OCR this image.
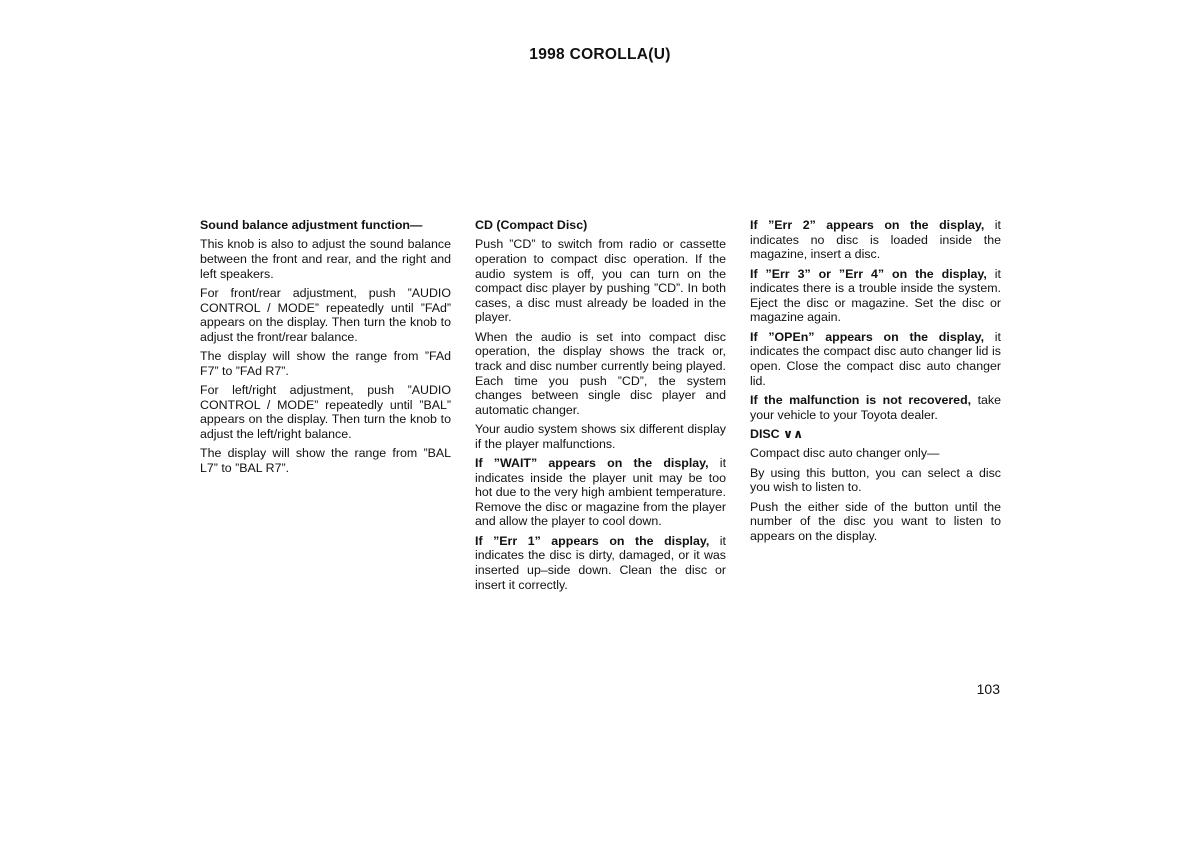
1998 COROLLA(U)

Sound balance adjustment function—

This knob is also to adjust the sound balance between the front and rear, and the right and left speakers.

For front/rear adjustment, push ”AUDIO CONTROL / MODE” repeatedly until ”FAd” appears on the display. Then turn the knob to adjust the front/rear balance.

The display will show the range from ”FAd F7” to ”FAd R7”.

For left/right adjustment, push ”AUDIO CONTROL / MODE” repeatedly until ”BAL” appears on the display. Then turn the knob to adjust the left/right balance.

The display will show the range from ”BAL L7” to ”BAL R7”.

CD (Compact Disc)

Push ”CD” to switch from radio or cassette operation to compact disc operation. If the audio system is off, you can turn on the compact disc player by pushing ”CD”. In both cases, a disc must already be loaded in the player.

When the audio is set into compact disc operation, the display shows the track or, track and disc number currently being played. Each time you push ”CD”, the system changes between single disc player and automatic changer.

Your audio system shows six different display if the player malfunctions.

If ”WAIT” appears on the display, it indicates inside the player unit may be too hot due to the very high ambient temperature. Remove the disc or magazine from the player and allow the player to cool down.

If ”Err 1” appears on the display, it indicates the disc is dirty, damaged, or it was inserted up–side down. Clean the disc or insert it correctly.

If ”Err 2” appears on the display, it indicates no disc is loaded inside the magazine, insert a disc.

If ”Err 3” or ”Err 4” on the display, it indicates there is a trouble inside the system. Eject the disc or magazine. Set the disc or magazine again.

If ”OPEn” appears on the display, it indicates the compact disc auto changer lid is open. Close the compact disc auto changer lid.

If the malfunction is not recovered, take your vehicle to your Toyota dealer.

DISC ∨∧

Compact disc auto changer only—

By using this button, you can select a disc you wish to listen to.

Push the either side of the button until the number of the disc you want to listen to appears on the display.

103
